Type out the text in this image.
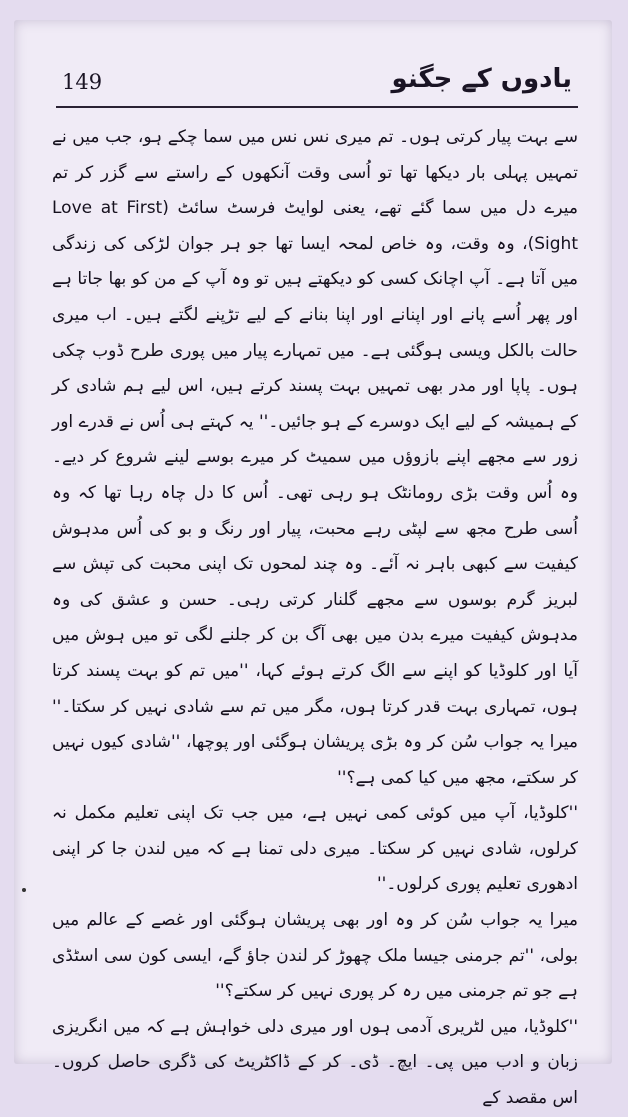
149	یادوں کے جگنو

سے بہت پیار کرتی ہوں۔ تم میری نس نس میں سما چکے ہو، جب میں نے تمہیں پہلی بار دیکھا تھا تو اُسی وقت آنکھوں کے راستے سے گزر کر تم میرے دل میں سما گئے تھے، یعنی لوایٹ فرسٹ سائٹ (Love at First Sight)، وہ وقت، وہ خاص لمحہ ایسا تھا جو ہر جوان لڑکی کی زندگی میں آتا ہے۔ آپ اچانک کسی کو دیکھتے ہیں تو وہ آپ کے من کو بھا جاتا ہے اور پھر اُسے پانے اور اپنانے اور اپنا بنانے کے لیے تڑپنے لگتے ہیں۔ اب میری حالت بالکل ویسی ہوگئی ہے۔ میں تمہارے پیار میں پوری طرح ڈوب چکی ہوں۔ پاپا اور مدر بھی تمہیں بہت پسند کرتے ہیں، اس لیے ہم شادی کر کے ہمیشہ کے لیے ایک دوسرے کے ہو جائیں۔'' یہ کہتے ہی اُس نے قدرے اور زور سے مجھے اپنے بازوؤں میں سمیٹ کر میرے بوسے لینے شروع کر دیے۔ وہ اُس وقت بڑی رومانٹک ہو رہی تھی۔ اُس کا دل چاہ رہا تھا کہ وہ اُسی طرح مجھ سے لپٹی رہے محبت، پیار اور رنگ و بو کی اُس مدہوش کیفیت سے کبھی باہر نہ آئے۔ وہ چند لمحوں تک اپنی محبت کی تپش سے لبریز گرم بوسوں سے مجھے گلنار کرتی رہی۔ حسن و عشق کی وہ مدہوش کیفیت میرے بدن میں بھی آگ بن کر جلنے لگی تو میں ہوش میں آیا اور کلوڈیا کو اپنے سے الگ کرتے ہوئے کہا، ''میں تم کو بہت پسند کرتا ہوں، تمہاری بہت قدر کرتا ہوں، مگر میں تم سے شادی نہیں کر سکتا۔'' میرا یہ جواب سُن کر وہ بڑی پریشان ہوگئی اور پوچھا، ''شادی کیوں نہیں کر سکتے، مجھ میں کیا کمی ہے؟''

''کلوڈیا، آپ میں کوئی کمی نہیں ہے، میں جب تک اپنی تعلیم مکمل نہ کرلوں، شادی نہیں کر سکتا۔ میری دلی تمنا ہے کہ میں لندن جا کر اپنی ادھوری تعلیم پوری کرلوں۔''

میرا یہ جواب سُن کر وہ اور بھی پریشان ہوگئی اور غصے کے عالم میں بولی، ''تم جرمنی جیسا ملک چھوڑ کر لندن جاؤ گے، ایسی کون سی اسٹڈی ہے جو تم جرمنی میں رہ کر پوری نہیں کر سکتے؟''

''کلوڈیا، میں لٹریری آدمی ہوں اور میری دلی خواہش ہے کہ میں انگریزی زبان و ادب میں پی۔ ایچ۔ ڈی۔ کر کے ڈاکٹریٹ کی ڈگری حاصل کروں۔ اس مقصد کے
